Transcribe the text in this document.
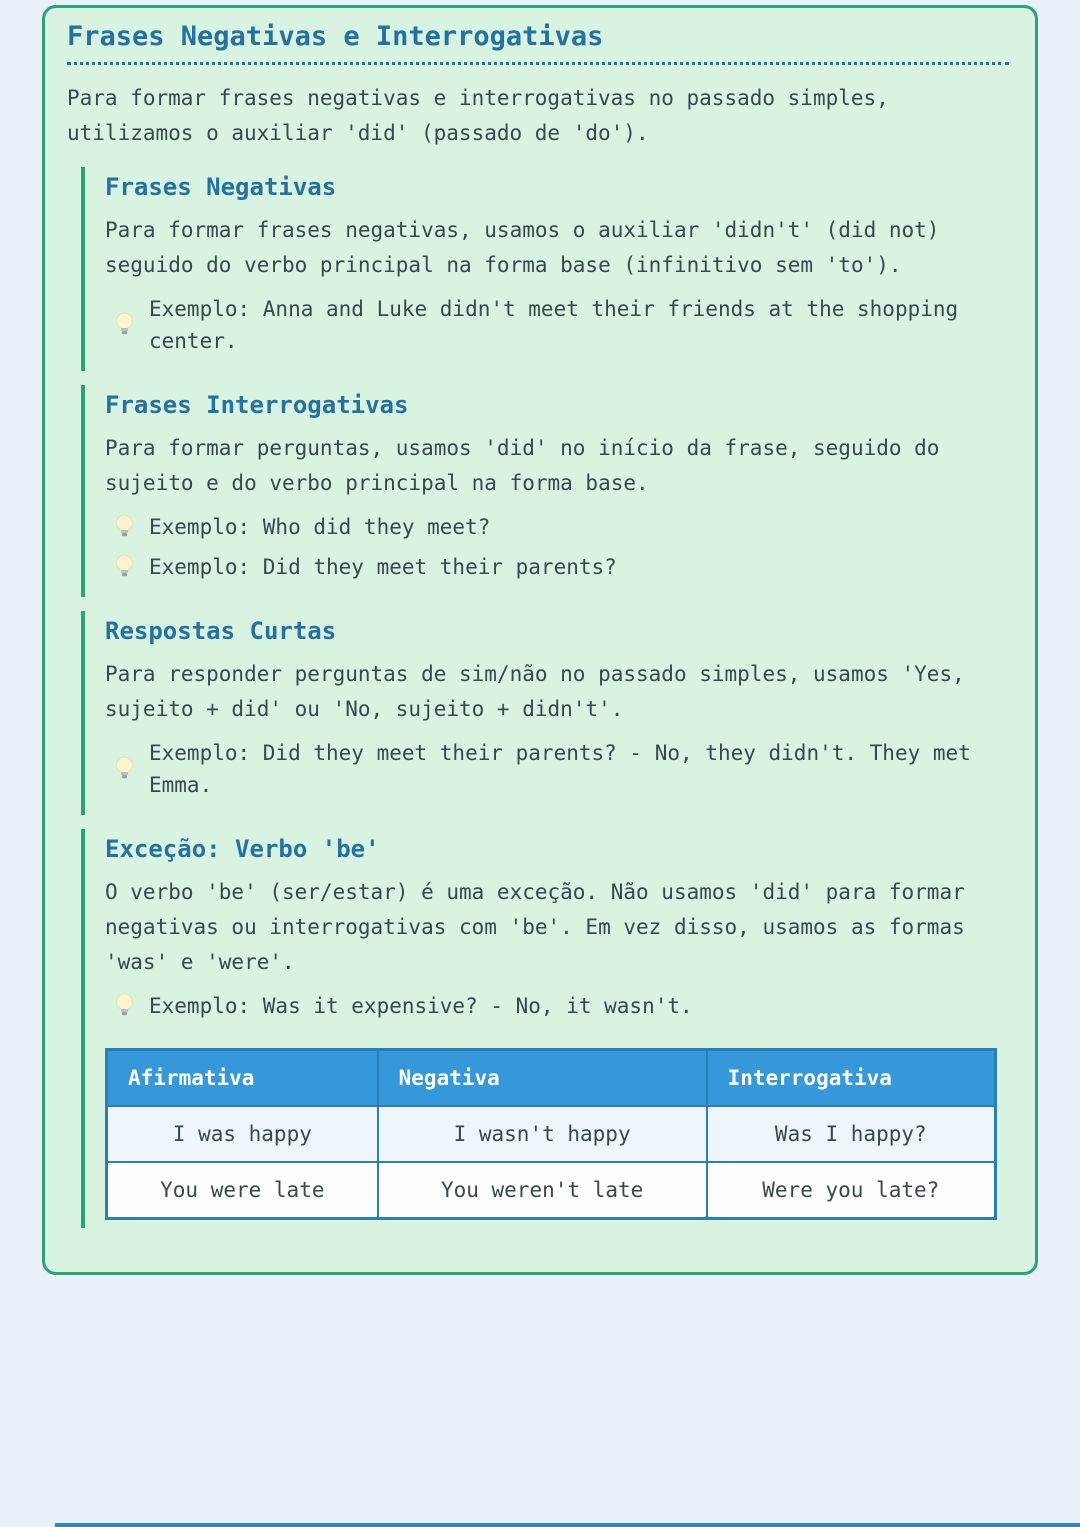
Frases Negativas e Interrogativas

Para formar frases negativas e interrogativas no passado simples, utilizamos o auxiliar 'did' (passado de 'do').

Frases Negativas

Para formar frases negativas, usamos o auxiliar 'didn't' (did not) seguido do verbo principal na forma base (infinitivo sem 'to').

Exemplo: Anna and Luke didn't meet their friends at the shopping center.
Frases Interrogativas

Para formar perguntas, usamos 'did' no início da frase, seguido do sujeito e do verbo principal na forma base.

Exemplo: Who did they meet?
Exemplo: Did they meet their parents?
Respostas Curtas

Para responder perguntas de sim/não no passado simples, usamos 'Yes, sujeito + did' ou 'No, sujeito + didn't'.

Exemplo: Did they meet their parents? - No, they didn't. They met Emma.
Exceção: Verbo 'be'

O verbo 'be' (ser/estar) é uma exceção. Não usamos 'did' para formar negativas ou interrogativas com 'be'. Em vez disso, usamos as formas 'was' e 'were'.

Exemplo: Was it expensive? - No, it wasn't.
Afirmativa	Negativa	Interrogativa
I was happy	I wasn't happy	Was I happy?
You were late	You weren't late	Were you late?
